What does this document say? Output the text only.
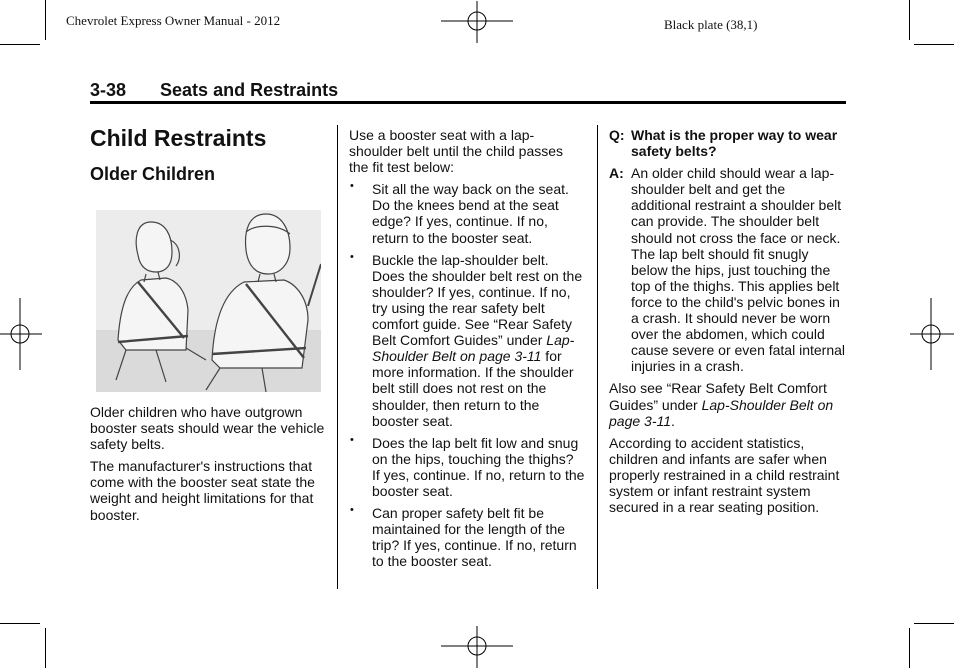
Chevrolet Express Owner Manual - 2012	Black plate (38,1)
3-38 Seats and Restraints
Child Restraints
Older Children

Older children who have outgrown booster seats should wear the vehicle safety belts.

The manufacturer's instructions that come with the booster seat state the weight and height limitations for that booster.

Use a booster seat with a lap-shoulder belt until the child passes the fit test below:

• Sit all the way back on the seat. Do the knees bend at the seat edge? If yes, continue. If no, return to the booster seat.

• Buckle the lap-shoulder belt. Does the shoulder belt rest on the shoulder? If yes, continue. If no, try using the rear safety belt comfort guide. See “Rear Safety Belt Comfort Guides” under Lap-Shoulder Belt on page 3-11 for more information. If the shoulder belt still does not rest on the shoulder, then return to the booster seat.

• Does the lap belt fit low and snug on the hips, touching the thighs? If yes, continue. If no, return to the booster seat.

• Can proper safety belt fit be maintained for the length of the trip? If yes, continue. If no, return to the booster seat.

Q: What is the proper way to wear safety belts?

A: An older child should wear a lap-shoulder belt and get the additional restraint a shoulder belt can provide. The shoulder belt should not cross the face or neck. The lap belt should fit snugly below the hips, just touching the top of the thighs. This applies belt force to the child's pelvic bones in a crash. It should never be worn over the abdomen, which could cause severe or even fatal internal injuries in a crash.

Also see “Rear Safety Belt Comfort Guides” under Lap-Shoulder Belt on page 3-11.

According to accident statistics, children and infants are safer when properly restrained in a child restraint system or infant restraint system secured in a rear seating position.
